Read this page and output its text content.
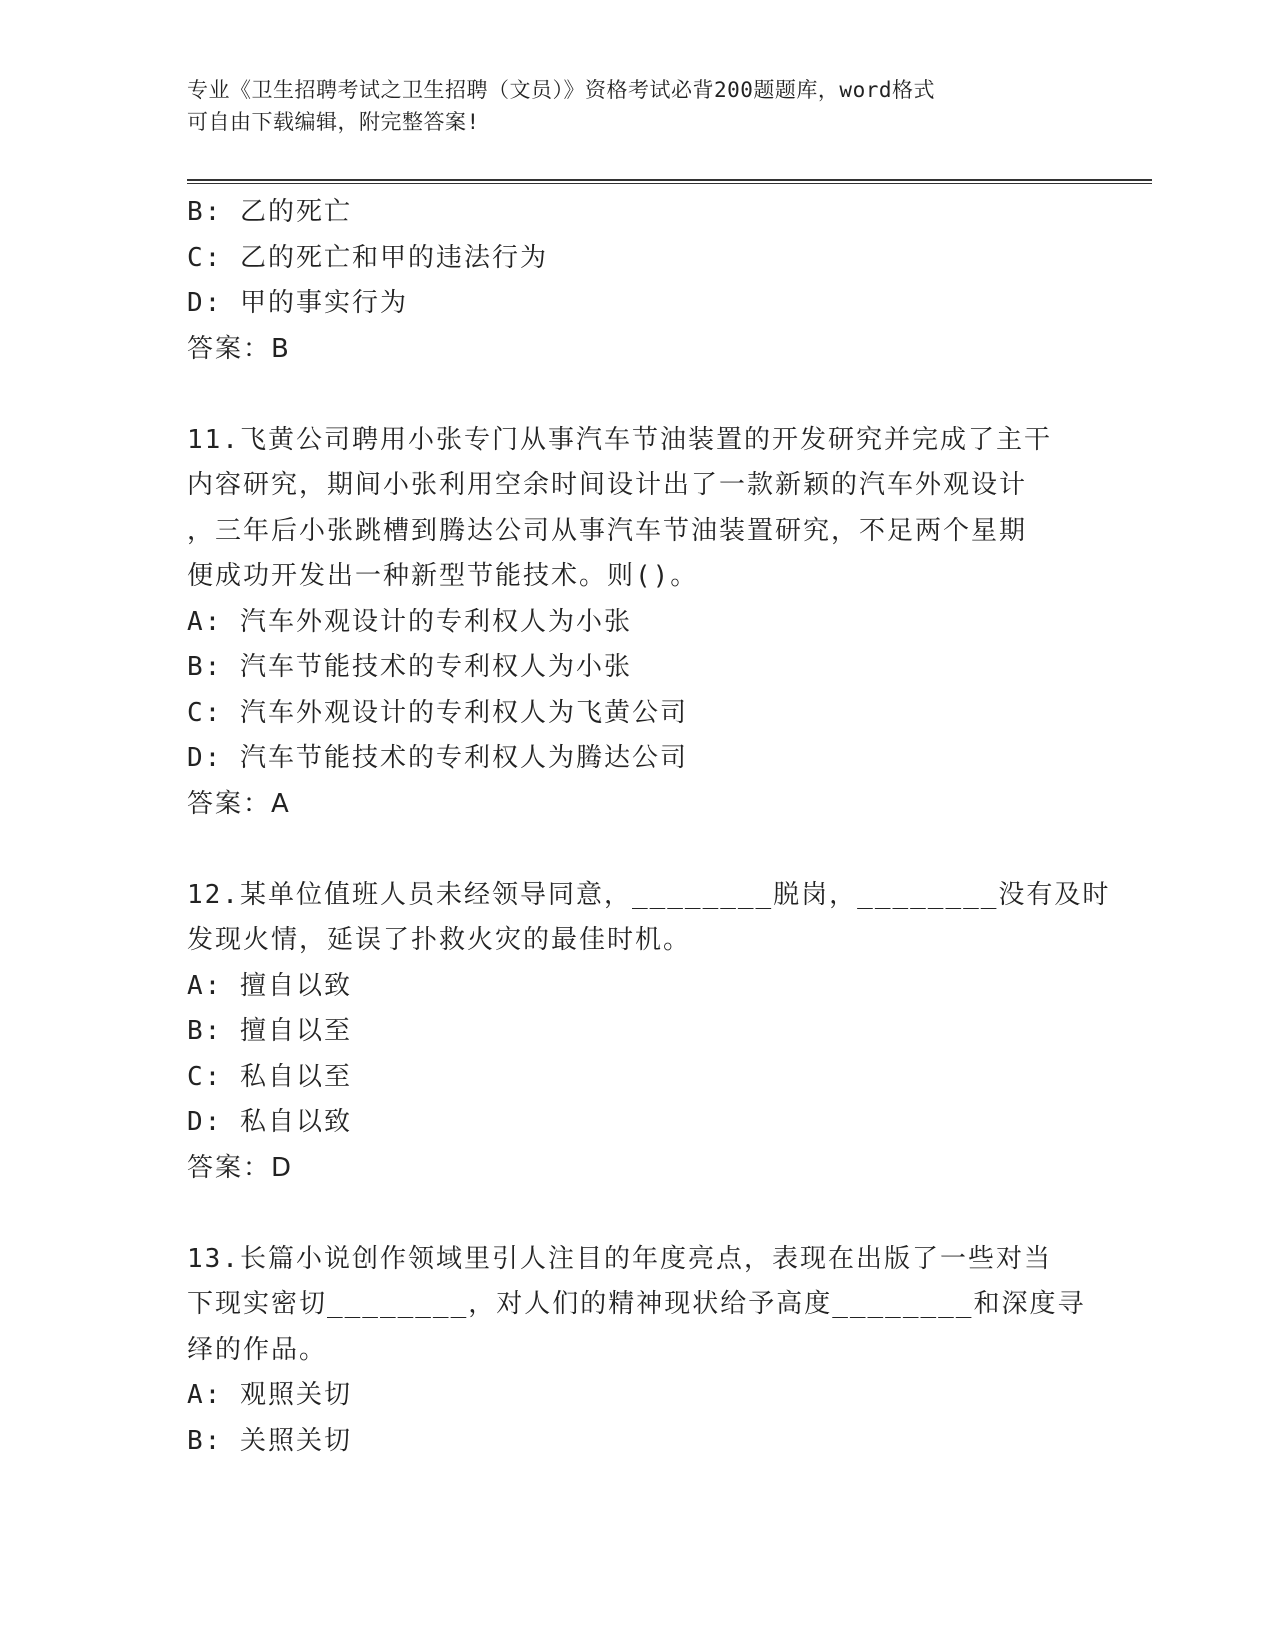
专业《卫生招聘考试之卫生招聘（文员）》资格考试必背200题题库，word格式
可自由下载编辑，附完整答案!
B: 乙的死亡
C: 乙的死亡和甲的违法行为
D: 甲的事实行为
答案：B
11.飞黄公司聘用小张专门从事汽车节油装置的开发研究并完成了主干
内容研究，期间小张利用空余时间设计出了一款新颖的汽车外观设计
，三年后小张跳槽到腾达公司从事汽车节油装置研究，不足两个星期
便成功开发出一种新型节能技术。则()。
A: 汽车外观设计的专利权人为小张
B: 汽车节能技术的专利权人为小张
C: 汽车外观设计的专利权人为飞黄公司
D: 汽车节能技术的专利权人为腾达公司
答案：A
12.某单位值班人员未经领导同意，________脱岗，________没有及时
发现火情，延误了扑救火灾的最佳时机。
A: 擅自以致
B: 擅自以至
C: 私自以至
D: 私自以致
答案：D
13.长篇小说创作领域里引人注目的年度亮点，表现在出版了一些对当
下现实密切________，对人们的精神现状给予高度________和深度寻
绎的作品。
A: 观照关切
B: 关照关切
